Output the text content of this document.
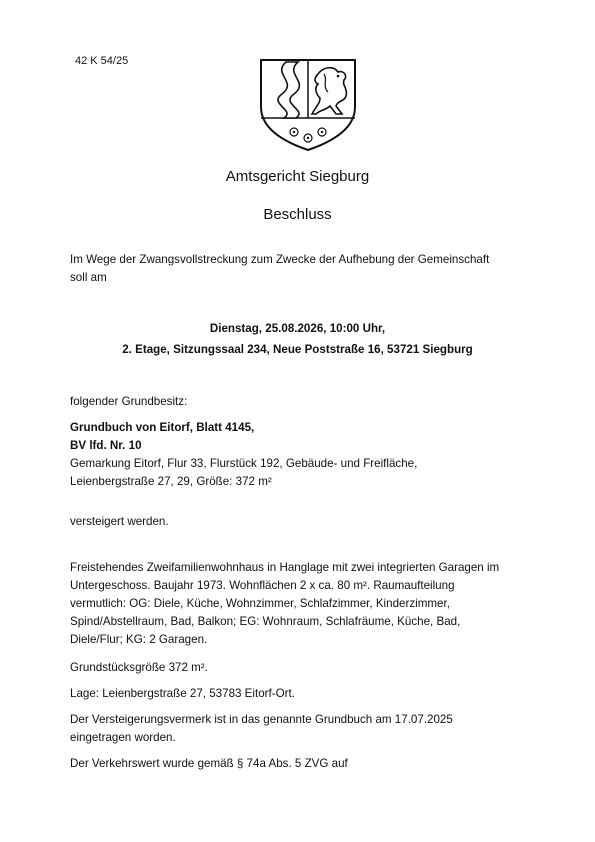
42 K 54/25
Amtsgericht Siegburg
Beschluss
Im Wege der Zwangsvollstreckung zum Zwecke der Aufhebung der Gemeinschaft
soll am
Dienstag, 25.08.2026, 10:00 Uhr,
2. Etage, Sitzungssaal 234, Neue Poststraße 16, 53721 Siegburg
folgender Grundbesitz:
Grundbuch von Eitorf, Blatt 4145,
BV lfd. Nr. 10
Gemarkung Eitorf, Flur 33, Flurstück 192, Gebäude- und Freifläche,
Leienbergstraße 27, 29, Größe: 372 m²
versteigert werden.
Freistehendes Zweifamilienwohnhaus in Hanglage mit zwei integrierten Garagen im
Untergeschoss. Baujahr 1973. Wohnflächen 2 x ca. 80 m². Raumaufteilung
vermutlich: OG: Diele, Küche, Wohnzimmer, Schlafzimmer, Kinderzimmer,
Spind/Abstellraum, Bad, Balkon; EG: Wohnraum, Schlafräume, Küche, Bad,
Diele/Flur; KG: 2 Garagen.
Grundstücksgröße 372 m².
Lage: Leienbergstraße 27, 53783 Eitorf-Ort.
Der Versteigerungsvermerk ist in das genannte Grundbuch am 17.07.2025
eingetragen worden.
Der Verkehrswert wurde gemäß § 74a Abs. 5 ZVG auf
